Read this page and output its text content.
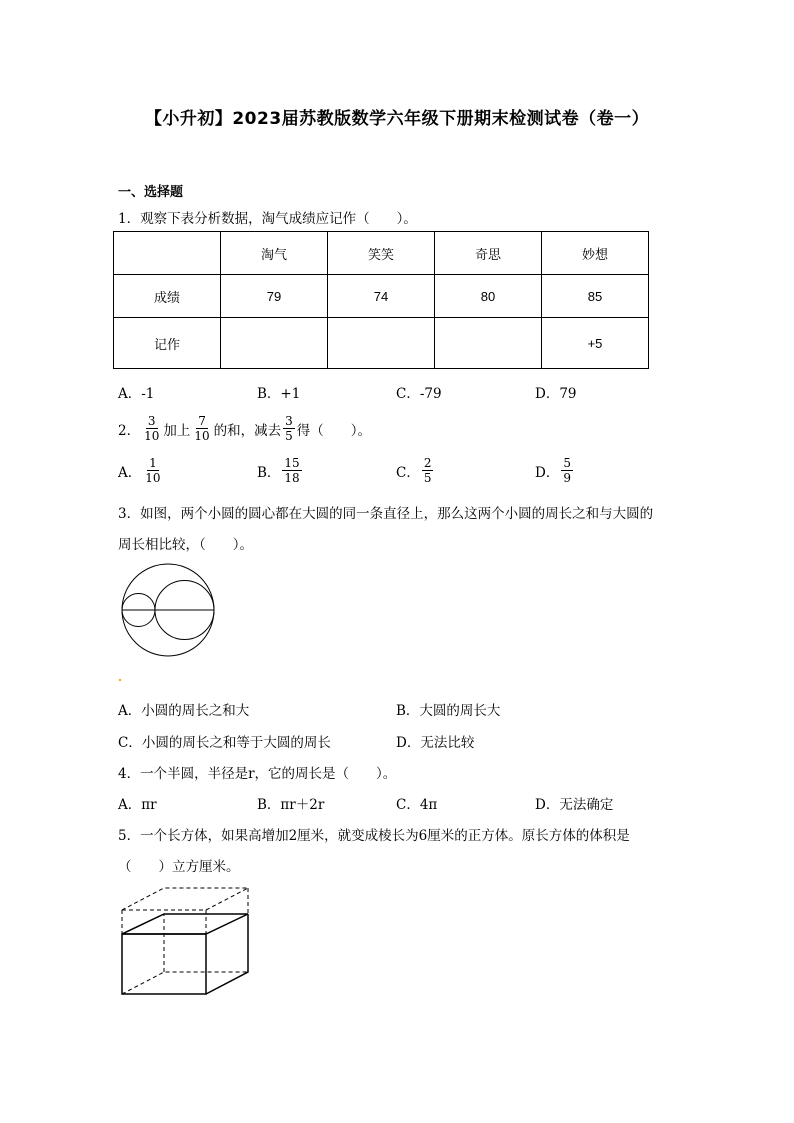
【小升初】2023届苏教版数学六年级下册期末检测试卷（卷一）
一、选择题
1．观察下表分析数据，淘气成绩应记作（　　）。
	淘气	笑笑	奇思	妙想
成绩	79	74	80	85
记作				+5
A．-1	B．+1	C．-79	D．79
2． $\frac{3}{10}$ 加上 $\frac{7}{10}$ 的和，减去 $\frac{3}{5}$ 得（　　）。
A． $\frac{1}{10}$	B． $\frac{15}{18}$	C． $\frac{2}{5}$	D． $\frac{5}{9}$
3．如图，两个小圆的圆心都在大圆的同一条直径上，那么这两个小圆的周长之和与大圆的
周长相比较，（　　）。
A．小圆的周长之和大	B．大圆的周长大
C．小圆的周长之和等于大圆的周长	D．无法比较
4．一个半圆，半径是r，它的周长是（　　）。
A．πr	B．πr＋2r	C．4π	D．无法确定
5．一个长方体，如果高增加2厘米，就变成棱长为6厘米的正方体。原长方体的体积是
（　　）立方厘米。
